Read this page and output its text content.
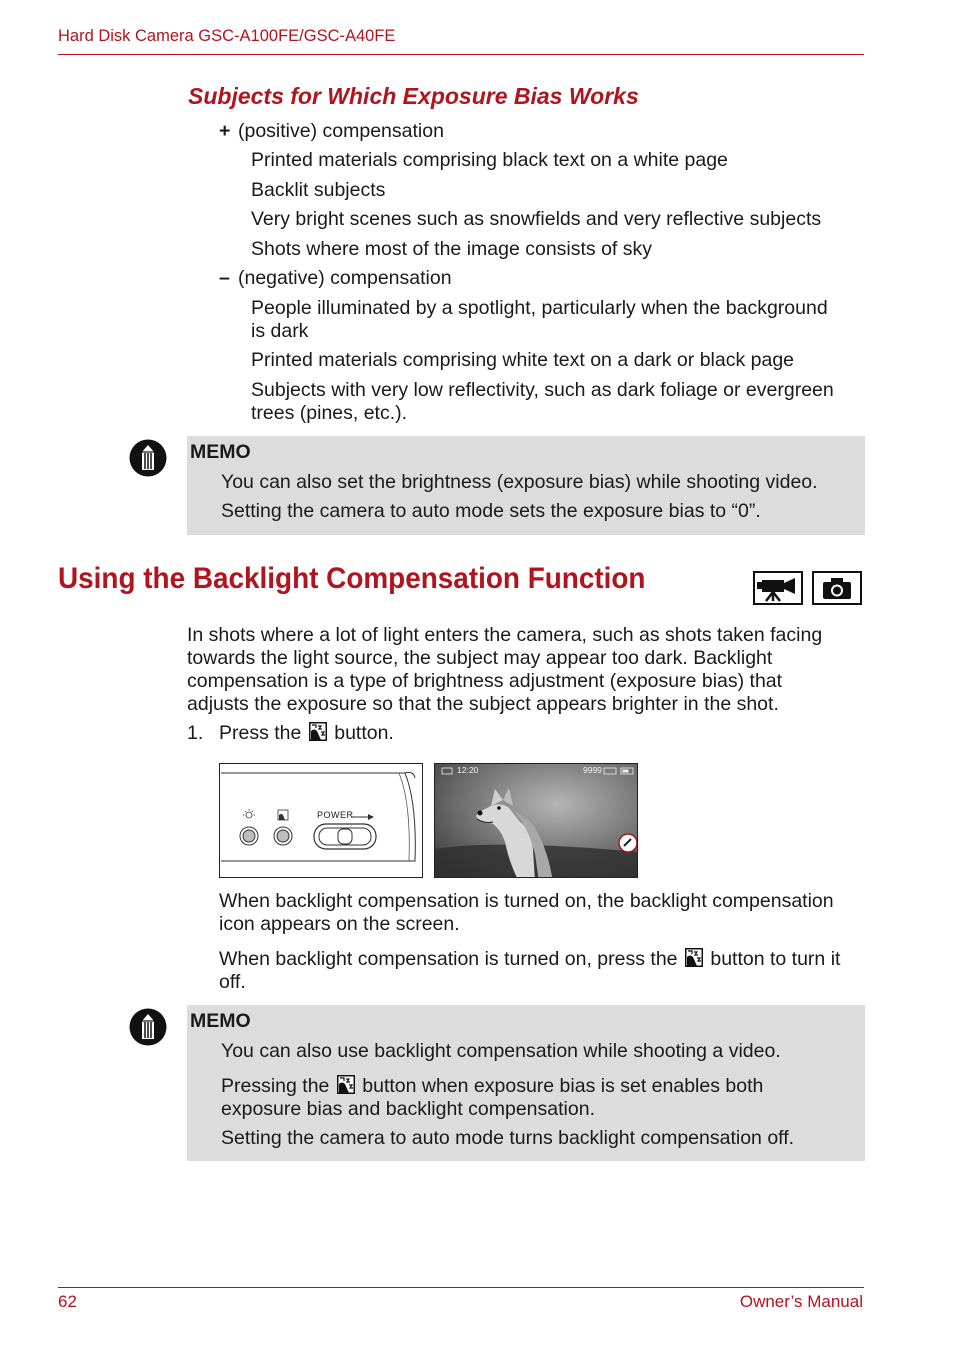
Hard Disk Camera GSC-A100FE/GSC-A40FE
Subjects for Which Exposure Bias Works
+ (positive) compensation
Printed materials comprising black text on a white page
Backlit subjects
Very bright scenes such as snowfields and very reflective subjects
Shots where most of the image consists of sky
– (negative) compensation
People illuminated by a spotlight, particularly when the background
is dark
Printed materials comprising white text on a dark or black page
Subjects with very low reflectivity, such as dark foliage or evergreen
trees (pines, etc.).
MEMO
You can also set the brightness (exposure bias) while shooting video.
Setting the camera to auto mode sets the exposure bias to “0”.
Using the Backlight Compensation Function
In shots where a lot of light enters the camera, such as shots taken facing
towards the light source, the subject may appear too dark. Backlight
compensation is a type of brightness adjustment (exposure bias) that
adjusts the exposure so that the subject appears brighter in the shot.
1. Press the button.
POWER
12:20	9999
When backlight compensation is turned on, the backlight compensation
icon appears on the screen.
When backlight compensation is turned on, press the button to turn it
off.
MEMO
You can also use backlight compensation while shooting a video.
Pressing the button when exposure bias is set enables both
exposure bias and backlight compensation.
Setting the camera to auto mode turns backlight compensation off.
62	Owner’s Manual
